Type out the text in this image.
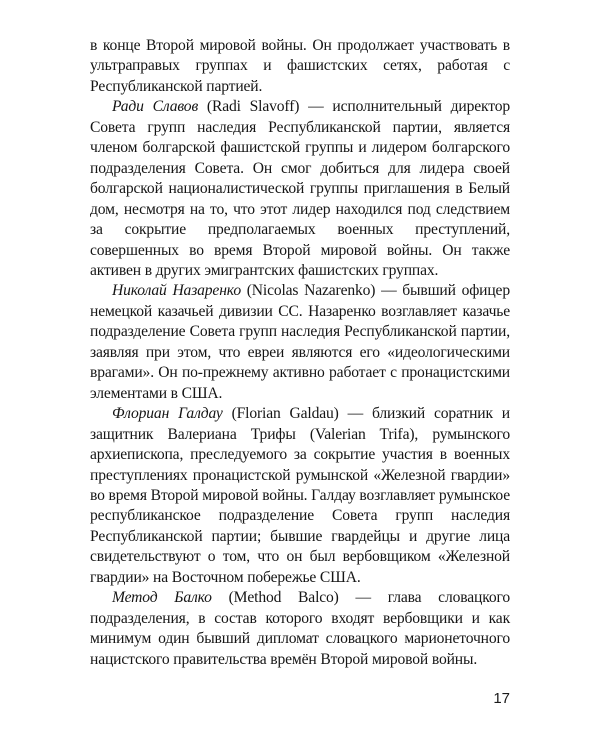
в конце Второй мировой войны. Он продолжает участвовать в ультраправых группах и фашистских сетях, работая с Республиканской партией.

Ради Славов (Radi Slavoff) — исполнительный директор Совета групп наследия Республиканской партии, является членом болгарской фашистской группы и лидером болгарского подразделения Совета. Он смог добиться для лидера своей болгарской националистической группы приглашения в Белый дом, несмотря на то, что этот лидер находился под следствием за сокрытие предполагаемых военных преступлений, совершенных во время Второй мировой войны. Он также активен в других эмигрантских фашистских группах.

Николай Назаренко (Nicolas Nazarenko) — бывший офицер немецкой казачьей дивизии СС. Назаренко возглавляет казачье подразделение Совета групп наследия Республиканской партии, заявляя при этом, что евреи являются его «идеологическими врагами». Он по-прежнему активно работает с пронацистскими элементами в США.

Флориан Галдау (Florian Galdau) — близкий соратник и защитник Валериана Трифы (Valerian Trifa), румынского архиепископа, преследуемого за сокрытие участия в военных преступлениях пронацистской румынской «Железной гвардии» во время Второй мировой войны. Галдау возглавляет румынское республиканское подразделение Совета групп наследия Республиканской партии; бывшие гвардейцы и другие лица свидетельствуют о том, что он был вербовщиком «Железной гвардии» на Восточном побережье США.

Метод Балко (Method Balco) — глава словацкого подразделения, в состав которого входят вербовщики и как минимум один бывший дипломат словацкого марионеточного нацистского правительства времён Второй мировой войны.

17
